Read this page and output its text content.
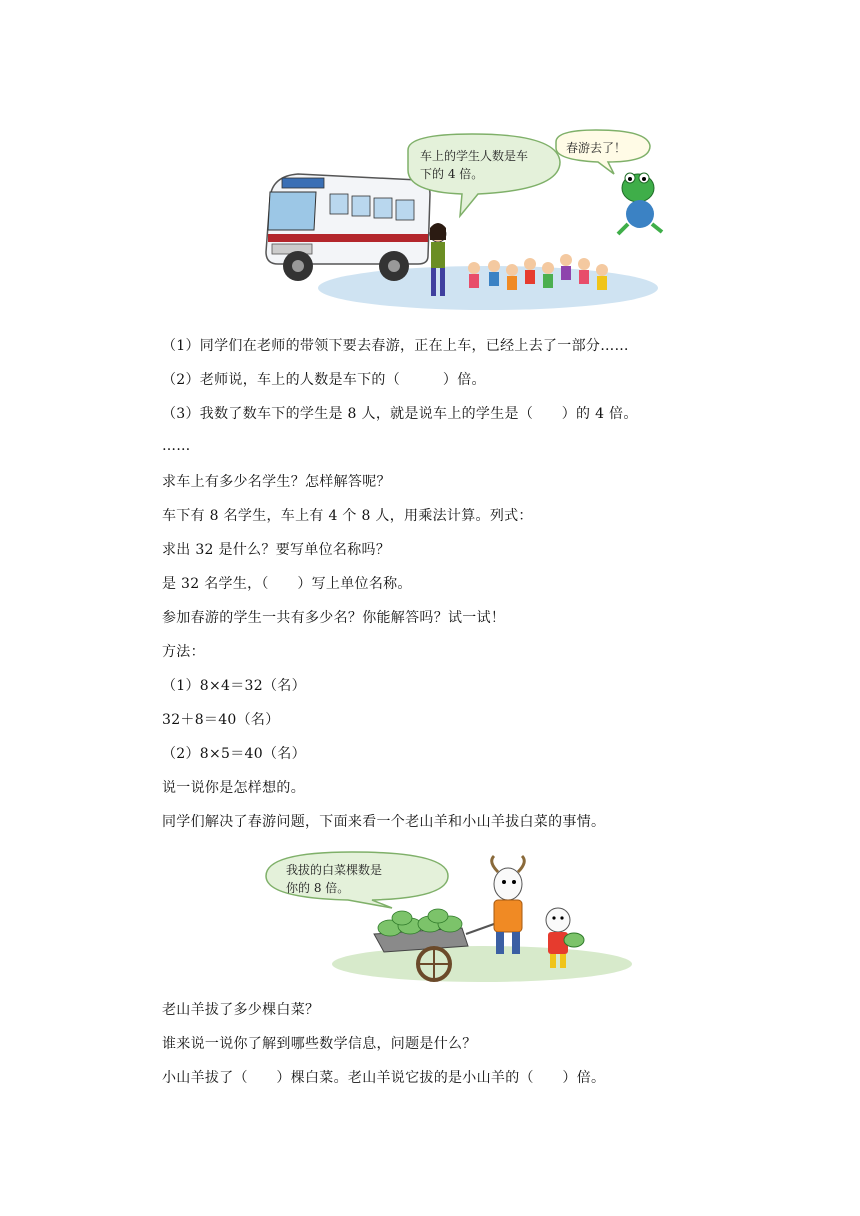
车上的学生人数是车
下的 4 倍。
春游去了！
（1）同学们在老师的带领下要去春游，正在上车，已经上去了一部分……
（2）老师说，车上的人数是车下的（　　　）倍。
（3）我数了数车下的学生是 8 人，就是说车上的学生是（　　）的 4 倍。
……
求车上有多少名学生？怎样解答呢？
车下有 8 名学生，车上有 4 个 8 人，用乘法计算。列式：
求出 32 是什么？要写单位名称吗？
是 32 名学生，（　　）写上单位名称。
参加春游的学生一共有多少名？你能解答吗？试一试！
方法：
（1）8×4＝32（名）
32＋8＝40（名）
（2）8×5＝40（名）
说一说你是怎样想的。
同学们解决了春游问题，下面来看一个老山羊和小山羊拔白菜的事情。
我拔的白菜棵数是
你的 8 倍。
老山羊拔了多少棵白菜？
谁来说一说你了解到哪些数学信息，问题是什么？
小山羊拔了（　　）棵白菜。老山羊说它拔的是小山羊的（　　）倍。
